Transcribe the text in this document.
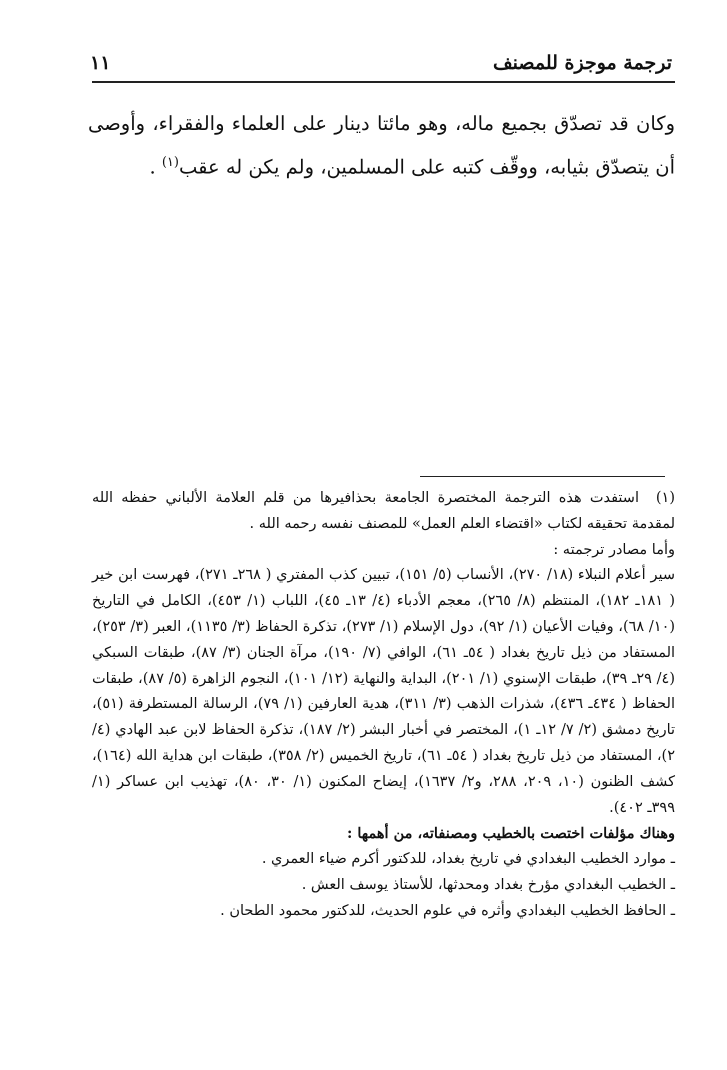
ترجمة موجزة للمصنف
١١

وكان قد تصدّق بجميع ماله، وهو مائتا دينار على العلماء والفقراء، وأوصى أن يتصدّق بثيابه، ووقّف كتبه على المسلمين، ولم يكن له عقب$^{(١)}$ .

(١)استفدت هذه الترجمة المختصرة الجامعة بحذافيرها من قلم العلامة الألباني حفظه الله لمقدمة تحقيقه لكتاب «اقتضاء العلم العمل» للمصنف نفسه رحمه الله .

وأما مصادر ترجمته :

سير أعلام النبلاء (١٨/ ٢٧٠)، الأنساب (٥/ ١٥١)، تبيين كذب المفتري ( ٢٦٨ـ ٢٧١)، فهرست ابن خير ( ١٨١ـ ١٨٢)، المنتظم (٨/ ٢٦٥)، معجم الأدباء (٤/ ١٣ـ ٤٥)، اللباب (١/ ٤٥٣)، الكامل في التاريخ (١٠/ ٦٨)، وفيات الأعيان (١/ ٩٢)، دول الإسلام (١/ ٢٧٣)، تذكرة الحفاظ (٣/ ١١٣٥)، العبر (٣/ ٢٥٣)، المستفاد من ذيل تاريخ بغداد ( ٥٤ـ ٦١)، الوافي (٧/ ١٩٠)، مرآة الجنان (٣/ ٨٧)، طبقات السبكي (٤/ ٢٩ـ ٣٩)، طبقات الإسنوي (١/ ٢٠١)، البداية والنهاية (١٢/ ١٠١)، النجوم الزاهرة (٥/ ٨٧)، طبقات الحفاظ ( ٤٣٤ـ ٤٣٦)، شذرات الذهب (٣/ ٣١١)، هدية العارفين (١/ ٧٩)، الرسالة المستطرفة (٥١)، تاريخ دمشق (٢/ ٧/ ١٢ـ ١)، المختصر في أخبار البشر (٢/ ١٨٧)، تذكرة الحفاظ لابن عبد الهادي (٤/ ٢)، المستفاد من ذيل تاريخ بغداد ( ٥٤ـ ٦١)، تاريخ الخميس (٢/ ٣٥٨)، طبقات ابن هداية الله (١٦٤)، كشف الظنون (١٠، ٢٠٩، ٢٨٨، و٢/ ١٦٣٧)، إيضاح المكنون (١/ ٣٠، ٨٠)، تهذيب ابن عساكر (١/ ٣٩٩ـ ٤٠٢).

وهناك مؤلفات اختصت بالخطيب ومصنفاته، من أهمها :

ـ موارد الخطيب البغدادي في تاريخ بغداد، للدكتور أكرم ضياء العمري .

ـ الخطيب البغدادي مؤرخ بغداد ومحدثها، للأستاذ يوسف العش .

ـ الحافظ الخطيب البغدادي وأثره في علوم الحديث، للدكتور محمود الطحان .
